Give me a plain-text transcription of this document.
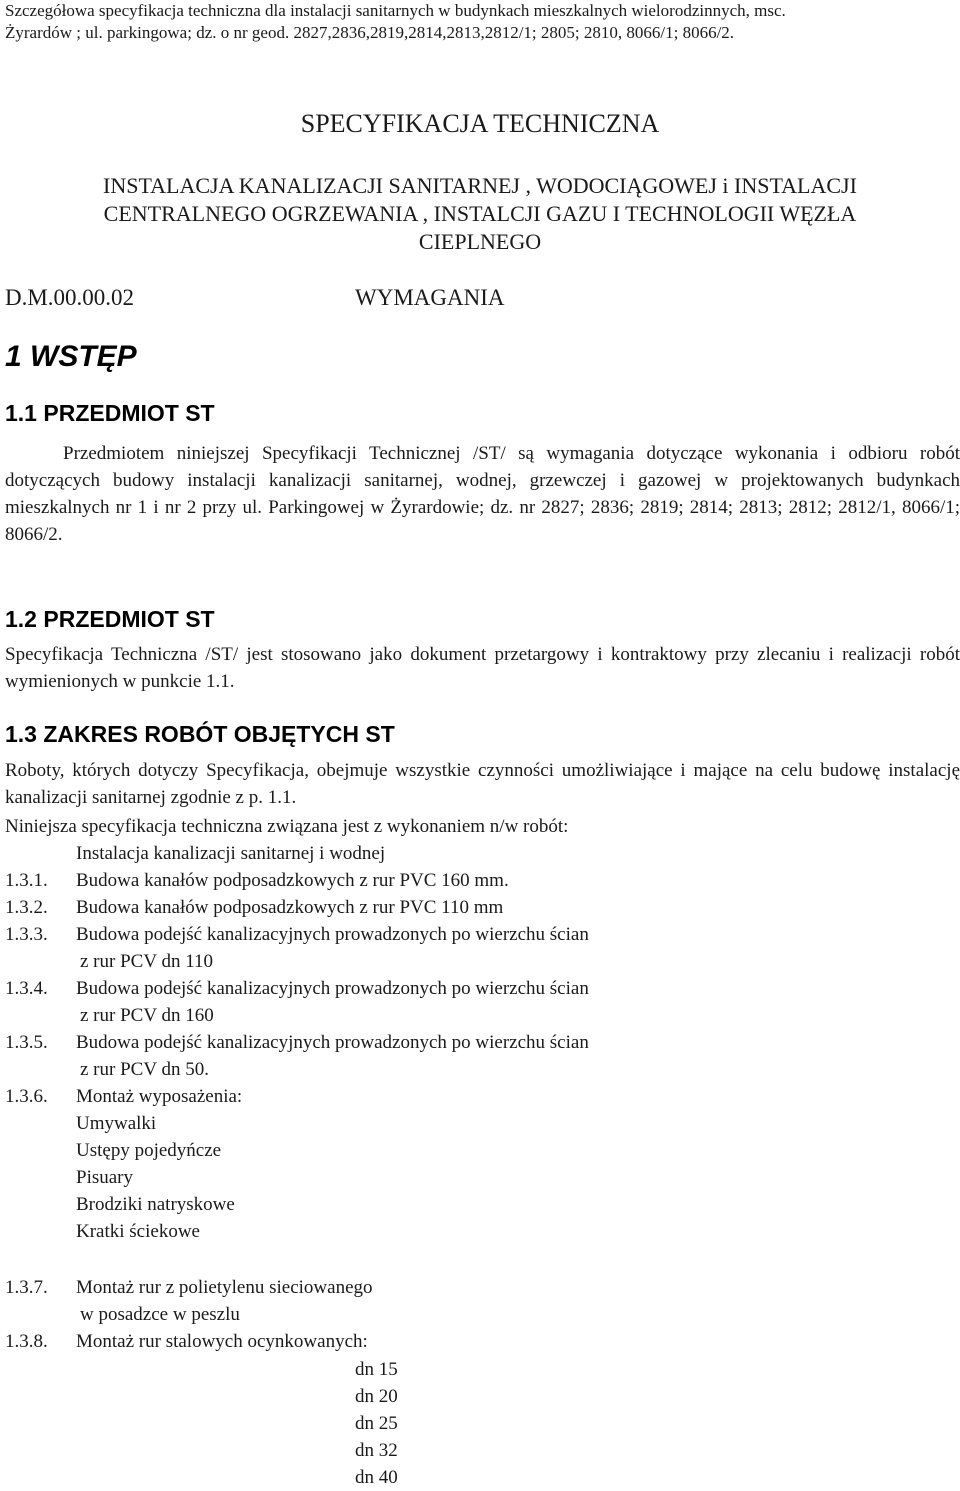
Szczegółowa specyfikacja techniczna dla instalacji sanitarnych w budynkach mieszkalnych wielorodzinnych, msc.
Żyrardów ; ul. parkingowa; dz. o nr geod. 2827,2836,2819,2814,2813,2812/1; 2805; 2810, 8066/1; 8066/2.
SPECYFIKACJA TECHNICZNA
INSTALACJA KANALIZACJI SANITARNEJ , WODOCIĄGOWEJ i INSTALACJI
CENTRALNEGO OGRZEWANIA , INSTALCJI GAZU I TECHNOLOGII WĘZŁA
CIEPLNEGO
D.M.00.00.02	WYMAGANIA
1 WSTĘP
1.1 PRZEDMIOT ST
Przedmiotem niniejszej Specyfikacji Technicznej /ST/ są wymagania dotyczące wykonania i odbioru robót dotyczących budowy instalacji kanalizacji sanitarnej, wodnej, grzewczej i gazowej w projektowanych budynkach mieszkalnych nr 1 i nr 2 przy ul. Parkingowej w Żyrardowie; dz. nr 2827; 2836; 2819; 2814; 2813; 2812; 2812/1, 8066/1; 8066/2.
1.2 PRZEDMIOT ST
Specyfikacja Techniczna /ST/ jest stosowano jako dokument przetargowy i kontraktowy przy zlecaniu i realizacji robót wymienionych w punkcie 1.1.
1.3 ZAKRES ROBÓT OBJĘTYCH ST
Roboty, których dotyczy Specyfikacja, obejmuje wszystkie czynności umożliwiające i mające na celu budowę instalację kanalizacji sanitarnej zgodnie z p. 1.1.
Niniejsza specyfikacja techniczna związana jest z wykonaniem n/w robót:
Instalacja kanalizacji sanitarnej i wodnej
1.3.1. Budowa kanałów podposadzkowych z rur PVC 160 mm.
1.3.2. Budowa kanałów podposadzkowych z rur PVC 110 mm
1.3.3. Budowa podejść kanalizacyjnych prowadzonych po wierzchu ścian
z rur PCV dn 110
1.3.4. Budowa podejść kanalizacyjnych prowadzonych po wierzchu ścian
z rur PCV dn 160
1.3.5. Budowa podejść kanalizacyjnych prowadzonych po wierzchu ścian
z rur PCV dn 50.
1.3.6. Montaż wyposażenia:
Umywalki
Ustępy pojedyńcze
Pisuary
Brodziki natryskowe
Kratki ściekowe
1.3.7. Montaż rur z polietylenu sieciowanego
w posadzce w peszlu
1.3.8. Montaż rur stalowych ocynkowanych:
dn 15
dn 20
dn 25
dn 32
dn 40
